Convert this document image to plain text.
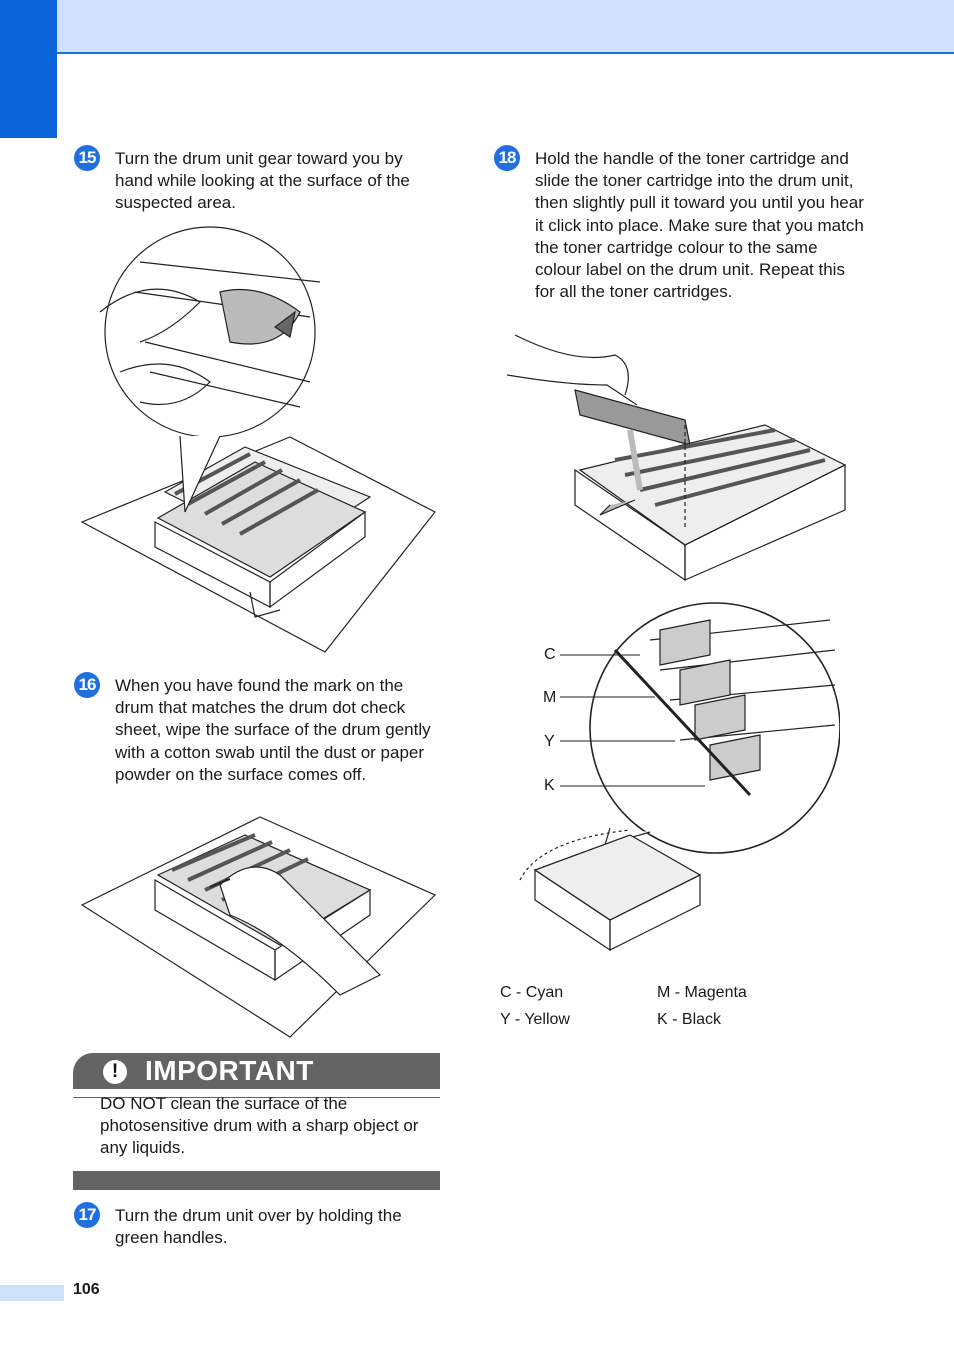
15 Turn the drum unit gear toward you by hand while looking at the surface of the suspected area.
16 When you have found the mark on the drum that matches the drum dot check sheet, wipe the surface of the drum gently with a cotton swab until the dust or paper powder on the surface comes off.
! IMPORTANT
DO NOT clean the surface of the photosensitive drum with a sharp object or any liquids.
17 Turn the drum unit over by holding the green handles.
18 Hold the handle of the toner cartridge and slide the toner cartridge into the drum unit, then slightly pull it toward you until you hear it click into place. Make sure that you match the toner cartridge colour to the same colour label on the drum unit. Repeat this for all the toner cartridges.
C
M
Y
K
C - Cyan	M - Magenta
Y - Yellow	K - Black
106
